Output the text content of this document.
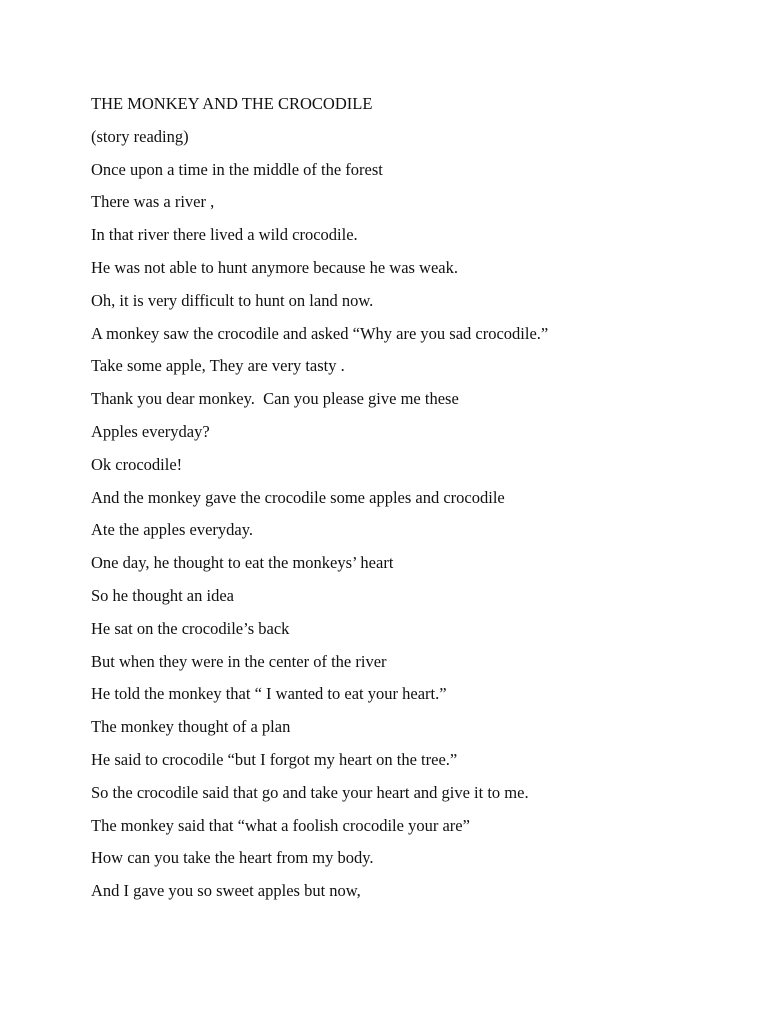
THE MONKEY AND THE CROCODILE
(story reading)
Once upon a time in the middle of the forest
There was a river ,
In that river there lived a wild crocodile.
He was not able to hunt anymore because he was weak.
Oh, it is very difficult to hunt on land now.
A monkey saw the crocodile and asked “Why are you sad crocodile.”
Take some apple, They are very tasty .
Thank you dear monkey.  Can you please give me these
Apples everyday?
Ok crocodile!
And the monkey gave the crocodile some apples and crocodile
Ate the apples everyday.
One day, he thought to eat the monkeys’ heart
So he thought an idea
He sat on the crocodile’s back
But when they were in the center of the river
He told the monkey that “ I wanted to eat your heart.”
The monkey thought of a plan
He said to crocodile “but I forgot my heart on the tree.”
So the crocodile said that go and take your heart and give it to me.
The monkey said that “what a foolish crocodile your are”
How can you take the heart from my body.
And I gave you so sweet apples but now,
